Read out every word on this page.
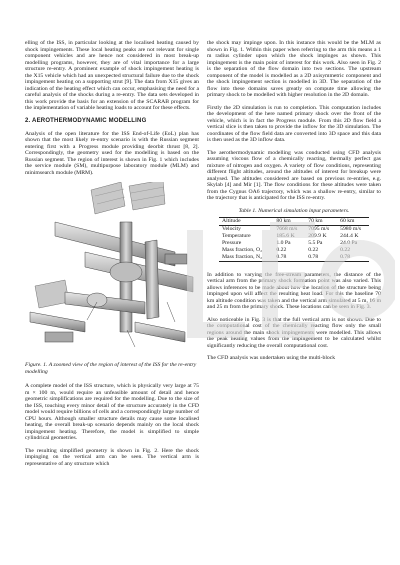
elling of the ISS, in particular looking at the localised heating caused by shock impingements. These local heating peaks are not relevant for single component vehicles and are hence not considered in most break-up modelling programs, however, they are of vital importance for a large structure re-entry. A prominent example of shock impingement heating is the X15 vehicle which had an unexpected structural failure due to the shock impingement heating on a supporting strut [9]. The data from X15 gives an indication of the heating effect which can occur, emphasising the need for a careful analysis of the shocks during a re-entry. The data sets developed in this work provide the basis for an extension of the SCARAB program for the implementation of variable heating loads to account for these effects.

2. AEROTHERMODYNAMIC MODELLING

Analysis of the open literature for the ISS End-of-Life (EoL) plan has shown that the most likely re-entry scenario is with the Russian segment entering first with a Progress module providing deorbit thrust [8, 2]. Correspondingly, the geometry used for the modelling is based on the Russian segment. The region of interest is shown in Fig. 1 which includes the service module (SM), multipurpose laboratory module (MLM) and minimsearch module (MRM).

Figure. 1. A zoomed view of the region of interest of the ISS for the re-entry modelling

A complete model of the ISS structure, which is physically very large at 75 m × 100 m, would require an unfeasible amount of detail and hence geometric simplifications are required for the modelling. Due to the size of the ISS, touching every minor detail of the structure accurately in the CFD model would require billions of cells and a correspondingly large number of CPU hours. Although smaller structure details may cause some localised heating, the overall break-up scenario depends mainly on the local shock impingement heating. Therefore, the model is simplified to simple cylindrical geometries.

The resulting simplified geometry is shown in Fig. 2. Here the shock impinging on the vertical arm can be seen. The vertical arm is representative of any structure which

the shock may impinge upon. In this instance this would be the MLM as shown in Fig. 1. Within this paper when referring to the arm this means a 1 m radius cylinder upon which the shock impinges as shown. This impingement is the main point of interest for this work. Also seen in Fig. 2 is the separation of the flow domain into two sections. The upstream component of the model is modelled as a 2D axisymmetric component and the shock impingement section is modelled in 3D. The separation of the flow into these domains saves greatly on compute time allowing the primary shock to be modelled with higher resolution in the 2D domain.

Firstly the 2D simulation is run to completion. This computation includes the development of the here named primary shock over the front of the vehicle, which is in fact the Progress module. From this 2D flow field a vertical slice is then taken to provide the inflow for the 3D simulation. The coordinates of the flow field data are converted into 3D space and this data is then used as the 3D inflow data.

The aerothermodynamic modelling was conducted using CFD analysis assuming viscous flow of a chemically reacting, thermally perfect gas mixture of nitrogen and oxygen. A variety of flow conditions, representing different flight altitudes, around the altitudes of interest for breakup were analysed. The altitudes considered are based on previous re-entries, e.g. Skylab [4] and Mir [1]. The flow conditions for these altitudes were taken from the Cygnus OA6 trajectory, which was a shallow re-entry, similar to the trajectory that is anticipated for the ISS re-entry.

Table 1. Numerical simulation input parameters.
Altitude	80 km	70 km	60 km
Velocity	7668 m/s	7095 m/s	5980 m/s
Temperature	185.6 K	209.9 K	244.4 K
Pressure	1.0 Pa	5.5 Pa	24.0 Pa
Mass fraction, O₂	0.22	0.22	0.22
Mass fraction, N₂	0.78	0.78	0.78

In addition to varying the free-stream parameters, the distance of the vertical arm from the primary shock formation point was also varied. This allows inferences to be made about how the location of the structure being impinged upon will affect the resulting heat load. For this the baseline 70 km altitude condition was taken and the vertical arm simulated at 5 m, 16 m and 25 m from the primary shock. These locations can be seen in Fig. 3.

Also noticeable in Fig. 3 is that the full vertical arm is not shown. Due to the computational cost of the chemically reacting flow only the small regions around the main shock impingements were modelled. This allows the peak heating values from the impingement to be calculated whilst significantly reducing the overall computational cost.

The CFD analysis was undertaken using the multi-block
